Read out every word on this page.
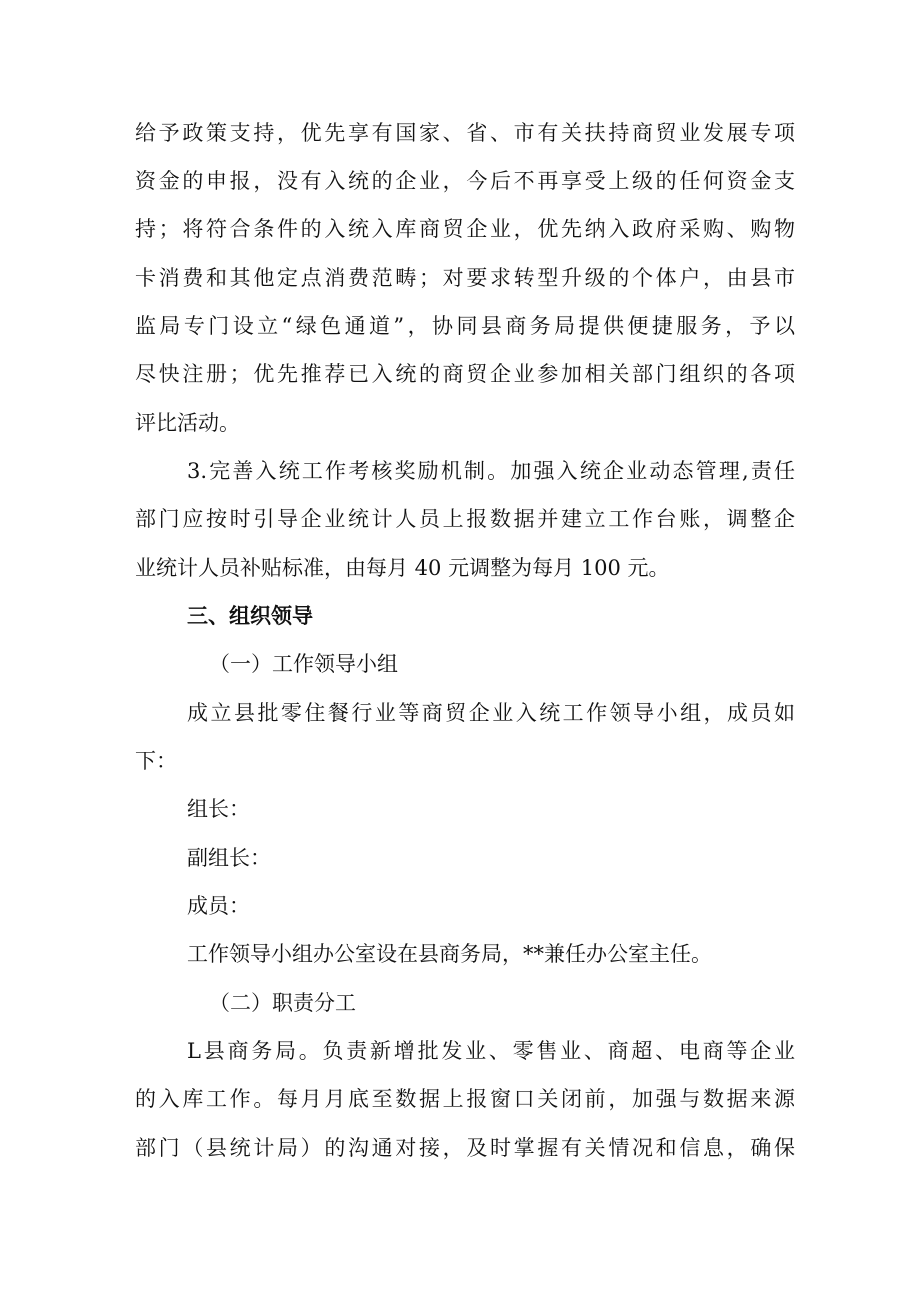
给予政策支持，优先享有国家、省、市有关扶持商贸业发展专项
资金的申报，没有入统的企业，今后不再享受上级的任何资金支
持；将符合条件的入统入库商贸企业，优先纳入政府采购、购物
卡消费和其他定点消费范畴；对要求转型升级的个体户，由县市
监局专门设立“绿色通道”，协同县商务局提供便捷服务，予以
尽快注册；优先推荐已入统的商贸企业参加相关部门组织的各项
评比活动。
3.完善入统工作考核奖励机制。加强入统企业动态管理,责任
部门应按时引导企业统计人员上报数据并建立工作台账，调整企
业统计人员补贴标准，由每月 40 元调整为每月 100 元。
三、组织领导
（一）工作领导小组
成立县批零住餐行业等商贸企业入统工作领导小组，成员如
下：
组长：
副组长：
成员：
工作领导小组办公室设在县商务局，**兼任办公室主任。
（二）职责分工
L县商务局。负责新增批发业、零售业、商超、电商等企业
的入库工作。每月月底至数据上报窗口关闭前，加强与数据来源
部门（县统计局）的沟通对接，及时掌握有关情况和信息，确保
